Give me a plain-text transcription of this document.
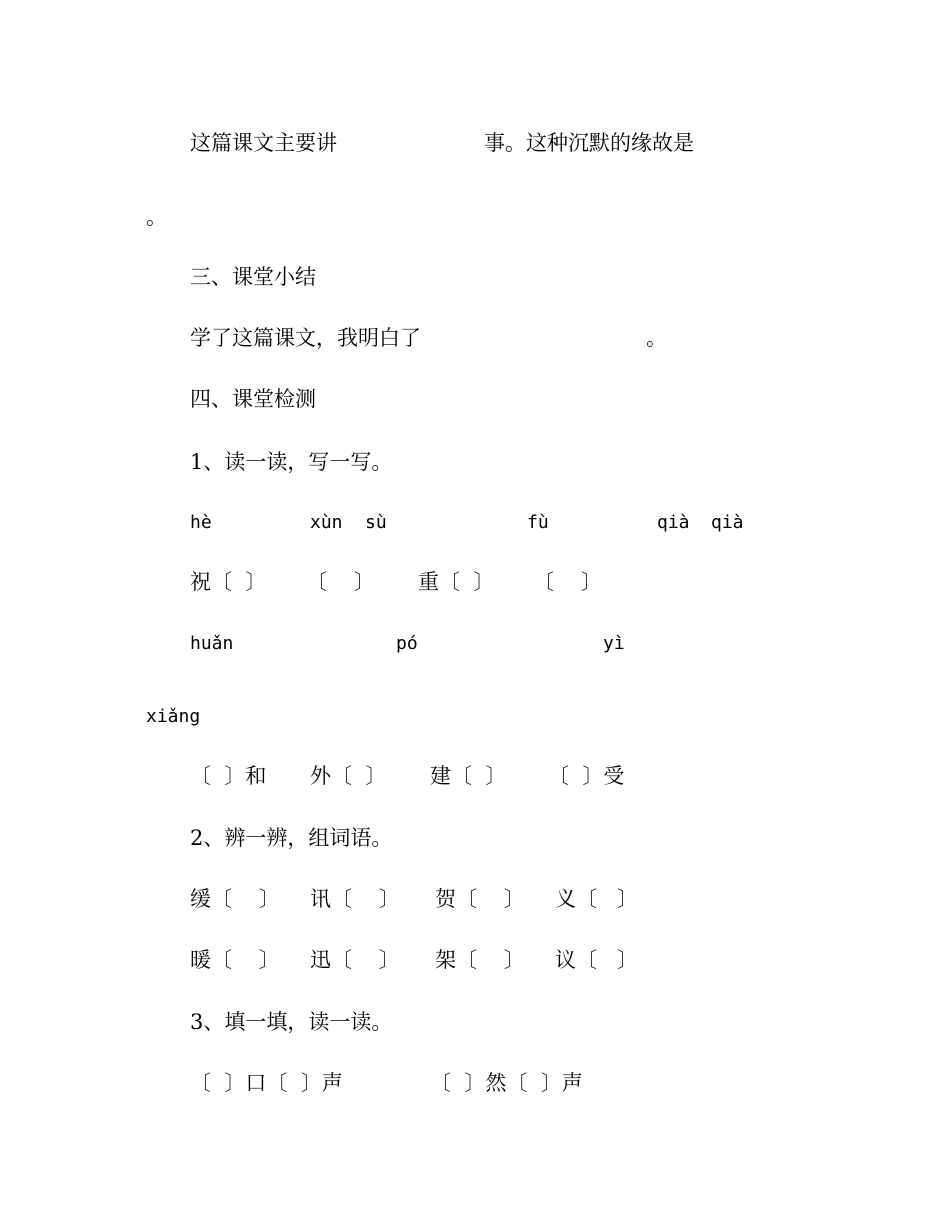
这篇课文主要讲	事。这种沉默的缘故是
。
三、课堂小结
学了这篇课文，我明白了	。
四、课堂检测
1、读一读，写一写。
hè	xùn sù	fù	qià qià
祝〔  〕 〔    〕 重〔  〕 〔    〕
huǎn	pó	yì
xiǎng
〔  〕和 外〔  〕 建〔  〕 〔  〕受
2、辨一辨，组词语。
缓〔    〕 讯〔    〕 贺〔    〕 义〔   〕
暖〔    〕 迅〔    〕 架〔    〕 议〔   〕
3、填一填，读一读。
〔  〕口〔  〕声	〔  〕然〔  〕声
